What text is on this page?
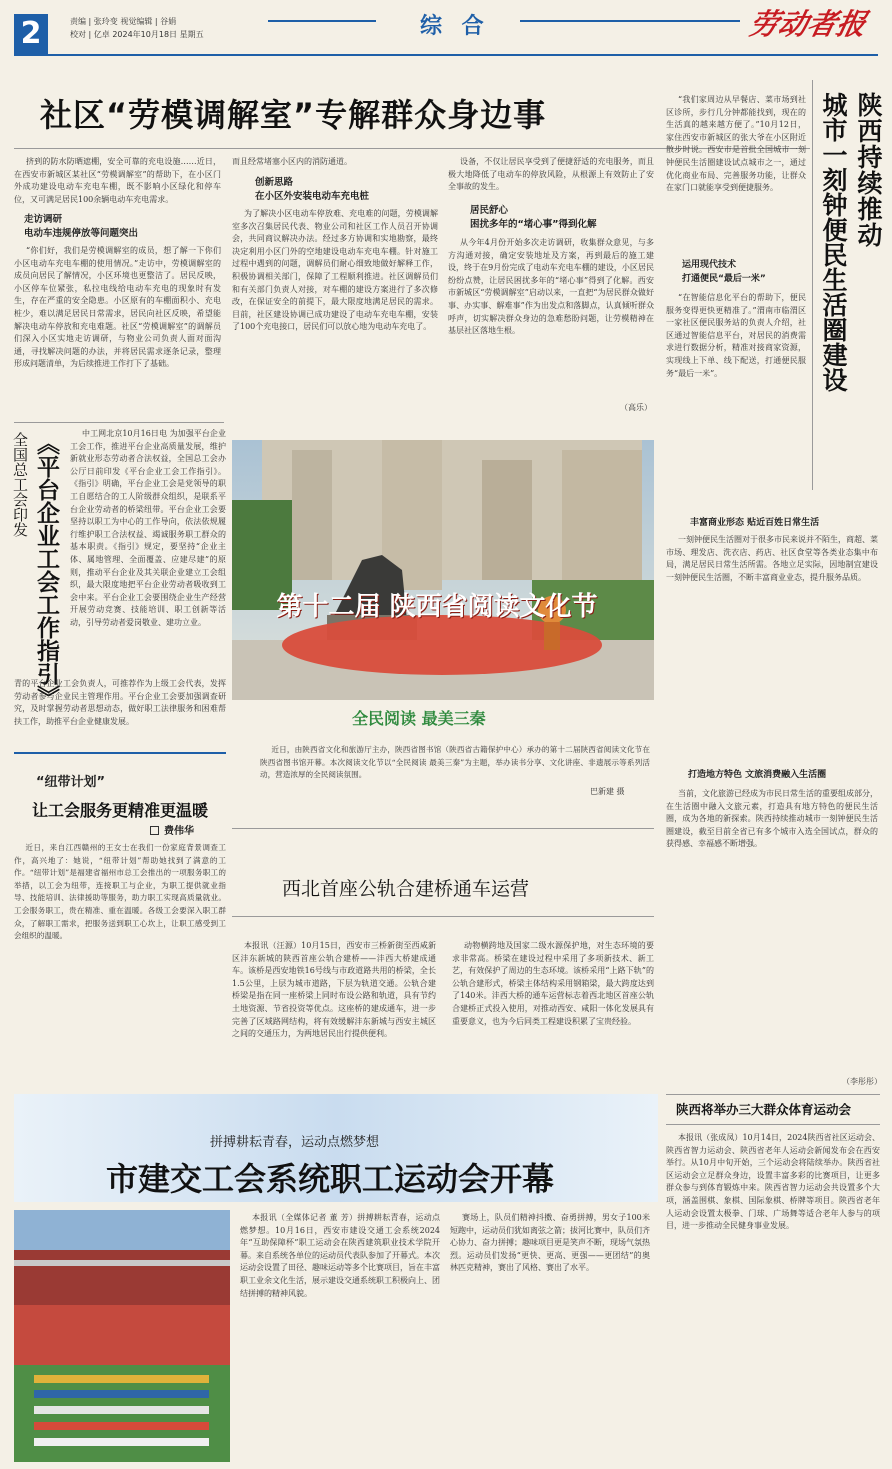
2	责编 | 张玲变 视觉编辑 | 谷娟
校对 | 亿卓 2024年10月18日 星期五	综 合	劳动者报
社区“劳模调解室”专解群众身边事
挤到的防水防晒遮棚，安全可靠的充电设施……近日，在西安市新城区某社区“劳模调解室”的帮助下，在小区门外成功建设电动车充电车棚，既不影响小区绿化和停车位，又可满足居民100余辆电动车充电需求。
走访调研
电动车违规停放等问题突出
“你们好，我们是劳模调解室的成员，想了解一下你们小区电动车充电车棚的使用情况。”走访中，劳模调解室的成员向居民了解情况，小区环境也更整洁了。居民反映，小区停车位紧张，私拉电线给电动车充电的现象时有发生，存在严重的安全隐患。小区原有的车棚面积小、充电桩少，难以满足居民日常需求，居民向社区反映，希望能解决电动车停放和充电难题。社区“劳模调解室”的调解员们深入小区实地走访调研，与物业公司负责人面对面沟通，寻找解决问题的办法，并将居民需求逐条记录，整理形成问题清单，为后续推进工作打下了基础。
而且经常堵塞小区内的消防通道。
创新思路
在小区外安装电动车充电桩
为了解决小区电动车停放难、充电难的问题，劳模调解室多次召集居民代表、物业公司和社区工作人员召开协调会，共同商议解决办法。经过多方协调和实地勘察，最终决定利用小区门外的空地建设电动车充电车棚。针对施工过程中遇到的问题，调解员们耐心细致地做好解释工作，积极协调相关部门，保障了工程顺利推进。社区调解员们和有关部门负责人对接，对车棚的建设方案进行了多次修改，在保证安全的前提下，最大限度地满足居民的需求。目前，社区建设协调已成功建设了电动车充电车棚，安装了100个充电接口，居民们可以放心地为电动车充电了。
设备，不仅让居民享受到了便捷舒适的充电服务，而且极大地降低了电动车的停放风险，从根源上有效防止了安全事故的发生。
居民舒心
困扰多年的“堵心事”得到化解
从今年4月份开始多次走访调研，收集群众意见，与多方沟通对接，确定安装地址及方案，再到最后的施工建设，终于在9月份完成了电动车充电车棚的建设，小区居民纷纷点赞，让居民困扰多年的“堵心事”得到了化解。西安市新城区“劳模调解室”启动以来，一直把“为居民群众做好事、办实事、解难事”作为出发点和落脚点，认真倾听群众呼声，切实解决群众身边的急难愁盼问题，让劳模精神在基层社区落地生根。
（高乐）
陕西持续推动
城市一刻钟便民生活圈建设
“我们家周边从早餐店、菜市场到社区诊所，步行几分钟都能找到，现在的生活真的越来越方便了。”10月12日，家住西安市新城区的张大爷在小区附近散步时说。西安市是首批全国城市一刻钟便民生活圈建设试点城市之一，通过优化商业布局、完善服务功能，让群众在家门口就能享受到便捷服务。
运用现代技术
打通便民“最后一米”
“在智能信息化平台的帮助下，便民服务变得更快更精准了。”渭南市临渭区一家社区便民服务站的负责人介绍，社区通过智能信息平台，对居民的消费需求进行数据分析，精准对接商家资源，实现线上下单、线下配送，打通便民服务“最后一米”。
丰富商业形态 贴近百姓日常生活
一刻钟便民生活圈对于很多市民来说并不陌生，商超、菜市场、理发店、洗衣店、药店、社区食堂等各类业态集中布局，满足居民日常生活所需。各地立足实际，因地制宜建设一刻钟便民生活圈，不断丰富商业业态，提升服务品质。
打造地方特色 文旅消费融入生活圈
当前，文化旅游已经成为市民日常生活的重要组成部分，在生活圈中融入文旅元素，打造具有地方特色的便民生活圈，成为各地的新探索。陕西持续推动城市一刻钟便民生活圈建设，截至目前全省已有多个城市入选全国试点，群众的获得感、幸福感不断增强。
（李彤彤）
《平台企业工会工作指引》
全国总工会印发	中工网北京10月16日电 为加强平台企业工会工作，推进平台企业高质量发展，维护新就业形态劳动者合法权益，全国总工会办公厅日前印发《平台企业工会工作指引》。《指引》明确，平台企业工会是党领导的职工自愿结合的工人阶级群众组织，是联系平台企业劳动者的桥梁纽带。平台企业工会要坚持以职工为中心的工作导向，依法依规履行维护职工合法权益、竭诚服务职工群众的基本职责。《指引》规定，要坚持“企业主体、属地管理、全面覆盖、应建尽建”的原则，推动平台企业及其关联企业建立工会组织，最大限度地把平台企业劳动者吸收到工会中来。平台企业工会要围绕企业生产经营开展劳动竞赛、技能培训、职工创新等活动，引导劳动者爱岗敬业、建功立业。
青的平台企业工会负责人，可推荐作为上级工会代表，发挥劳动者参与企业民主管理作用。平台企业工会要加强调查研究，及时掌握劳动者思想动态，做好职工法律服务和困难帮扶工作，助推平台企业健康发展。
“纽带计划”
让工会服务更精准更温暖
费伟华
近日，来自江西赣州的王女士在我们一份家庭背景调查工作，高兴地了：她说，“纽带计划”帮助她找到了满意的工作。“纽带计划”是福建省福州市总工会推出的一项服务职工的举措，以工会为纽带，连接职工与企业，为职工提供就业指导、技能培训、法律援助等服务，助力职工实现高质量就业。工会服务职工，贵在精准、重在温暖。各级工会要深入职工群众，了解职工需求，把服务送到职工心坎上，让职工感受到工会组织的温暖。
第十二届 陕西省阅读文化节
全民阅读 最美三秦
近日，由陕西省文化和旅游厅主办，陕西省图书馆（陕西省古籍保护中心）承办的第十二届陕西省阅读文化节在陕西省图书馆开幕。本次阅读文化节以“全民阅读 最美三秦”为主题，举办读书分享、文化讲座、非遗展示等系列活动，营造浓厚的全民阅读氛围。
巴新建 摄
西北首座公轨合建桥通车运营
本报讯（汪源）10月15日，西安市三桥新街至西咸新区沣东新城的陕西首座公轨合建桥——沣西大桥建成通车。该桥是西安地铁16号线与市政道路共用的桥梁，全长1.5公里，上层为城市道路，下层为轨道交通。公轨合建桥梁是指在同一座桥梁上同时布设公路和轨道，具有节约土地资源、节省投资等优点。这座桥的建成通车，进一步完善了区域路网结构，将有效缓解沣东新城与西安主城区之间的交通压力，为两地居民出行提供便利。
动物横跨地及国家二级水源保护地，对生态环境的要求非常高。桥梁在建设过程中采用了多项新技术、新工艺，有效保护了周边的生态环境。该桥采用“上路下轨”的公轨合建形式，桥梁主体结构采用钢箱梁，最大跨度达到了140米。沣西大桥的通车运营标志着西北地区首座公轨合建桥正式投入使用，对推动西安、咸阳一体化发展具有重要意义，也为今后同类工程建设积累了宝贵经验。
拼搏耕耘青春，运动点燃梦想
市建交工会系统职工运动会开幕
本报讯（全媒体记者 董 芳）拼搏耕耘青春，运动点燃梦想。10月16日，西安市建设交通工会系统2024年“互助保障杯”职工运动会在陕西建筑职业技术学院开幕。来自系统各单位的运动员代表队参加了开幕式。本次运动会设置了田径、趣味运动等多个比赛项目，旨在丰富职工业余文化生活，展示建设交通系统职工积极向上、团结拼搏的精神风貌。
赛场上，队员们精神抖擞、奋勇拼搏，男女子100米短跑中，运动员们犹如离弦之箭；拔河比赛中，队员们齐心协力、奋力拼搏；趣味项目更是笑声不断，现场气氛热烈。运动员们发扬“更快、更高、更强——更团结”的奥林匹克精神，赛出了风格、赛出了水平。
陕西将举办三大群众体育运动会
本报讯（张成凤）10月14日，2024陕西省社区运动会、陕西省智力运动会、陕西省老年人运动会新闻发布会在西安举行。从10月中旬开始，三个运动会将陆续举办。陕西省社区运动会立足群众身边，设置丰富多彩的比赛项目，让更多群众参与到体育锻炼中来。陕西省智力运动会共设置多个大项，涵盖围棋、象棋、国际象棋、桥牌等项目。陕西省老年人运动会设置太极拳、门球、广场舞等适合老年人参与的项目，进一步推动全民健身事业发展。
